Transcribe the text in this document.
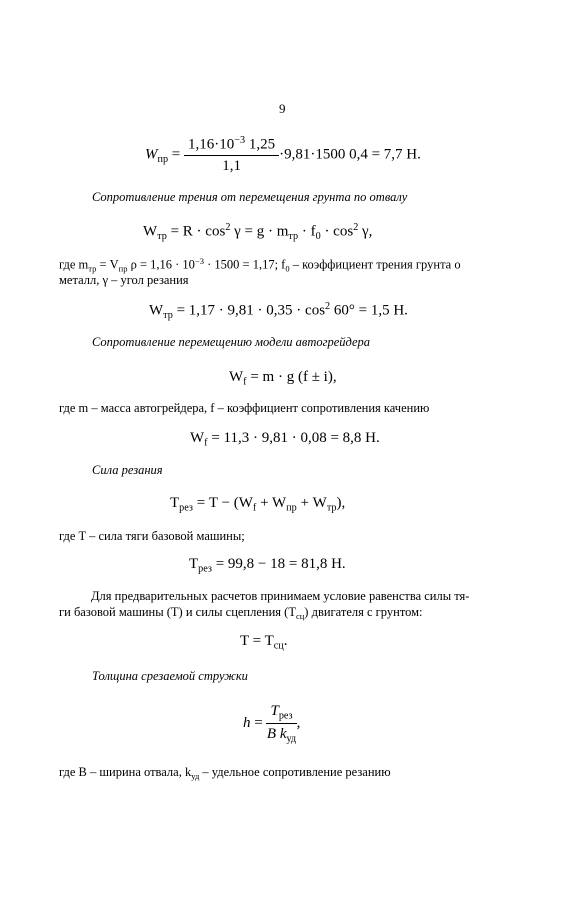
9
$W_{пр} = \frac{1,16\cdot 10^{-3} 1,25}{1,1} \cdot 9,81\cdot 1500$ 0,4 = 7,7 Н.
Сопротивление трения от перемещения грунта по отвалу
$W_{тр} = R \cdot \cos^2 \gamma = g \cdot m_{тр} \cdot f_0 \cdot \cos^2 \gamma$,
где $m_{тр} = V_{пр}$ $\rho = 1,16 \cdot 10^{-3} \cdot 1500 = 1,17$; $f_0$ – коэффициент трения грунта о
металл, γ – угол резания
$W_{тр} = 1,17 \cdot 9,81 \cdot 0,35 \cdot \cos^2 60^\circ = 1,5$ Н.
Сопротивление перемещению модели автогрейдера
$W_f = m \cdot g$ (f ± i),
где m – масса автогрейдера, f – коэффициент сопротивления качению
$W_f = 11,3 \cdot 9,81 \cdot 0,08 = 8,8$ Н.
Сила резания
$T_{рез} = T - (W_f + W_{пр} + W_{тр})$,
где T – сила тяги базовой машины;
$T_{рез} = 99,8 - 18 = 81,8$ Н.
Для предварительных расчетов принимаем условие равенства силы тя-
ги базовой машины (T) и силы сцепления $(T_{сц})$ двигателя с грунтом:
$T = T_{сц}$.
Толщина срезаемой стружки
$h = \frac{T_{рез}}{B k_{уд}}$ ,
где B – ширина отвала, $k_{уд}$ – удельное сопротивление резанию
